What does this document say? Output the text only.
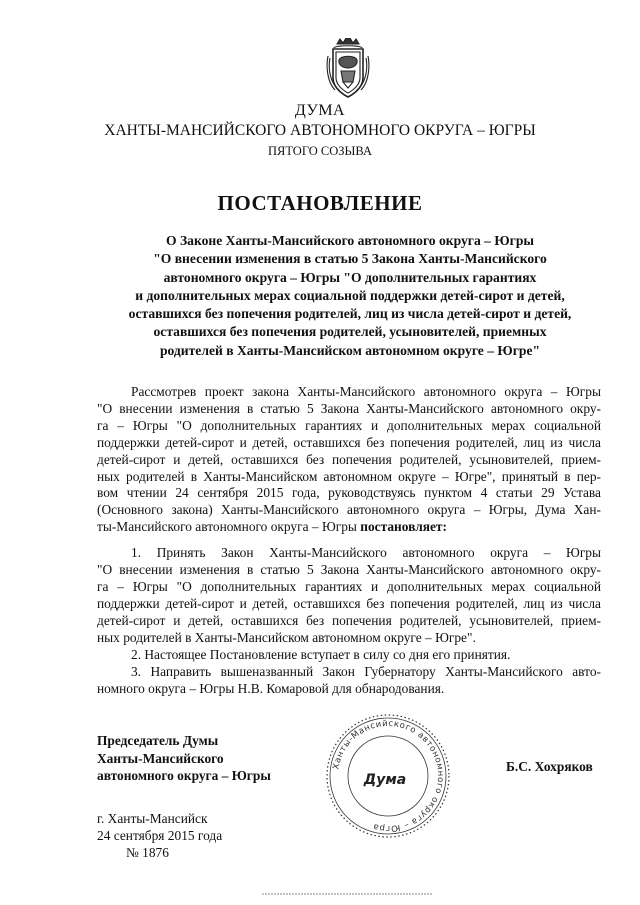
ДУМА
ХАНТЫ-МАНСИЙСКОГО АВТОНОМНОГО ОКРУГА – ЮГРЫ
ПЯТОГО СОЗЫВА
ПОСТАНОВЛЕНИЕ
О Законе Ханты-Мансийского автономного округа – Югры
"О внесении изменения в статью 5 Закона Ханты-Мансийского
автономного округа – Югры "О дополнительных гарантиях
и дополнительных мерах социальной поддержки детей-сирот и детей,
оставшихся без попечения родителей, лиц из числа детей-сирот и детей,
оставшихся без попечения родителей, усыновителей, приемных
родителей в Ханты-Мансийском автономном округе – Югре"
Рассмотрев проект закона Ханты-Мансийского автономного округа – Югры
"О внесении изменения в статью 5 Закона Ханты-Мансийского автономного окру-
га – Югры "О дополнительных гарантиях и дополнительных мерах социальной
поддержки детей-сирот и детей, оставшихся без попечения родителей, лиц из числа
детей-сирот и детей, оставшихся без попечения родителей, усыновителей, прием-
ных родителей в Ханты-Мансийском автономном округе – Югре", принятый в пер-
вом чтении 24 сентября 2015 года, руководствуясь пунктом 4 статьи 29 Устава
(Основного закона) Ханты-Мансийского автономного округа – Югры, Дума Хан-
ты-Мансийского автономного округа – Югры постановляет:
1. Принять Закон Ханты-Мансийского автономного округа – Югры
"О внесении изменения в статью 5 Закона Ханты-Мансийского автономного окру-
га – Югры "О дополнительных гарантиях и дополнительных мерах социальной
поддержки детей-сирот и детей, оставшихся без попечения родителей, лиц из числа
детей-сирот и детей, оставшихся без попечения родителей, усыновителей, прием-
ных родителей в Ханты-Мансийском автономном округе – Югре".
2. Настоящее Постановление вступает в силу со дня его принятия.
3. Направить вышеназванный Закон Губернатору Ханты-Мансийского авто-
номного округа – Югры Н.В. Комаровой для обнародования.
Председатель Думы
Ханты-Мансийского
автономного округа – Югры
Ханты-Мансийского автономного округа – Югра
Дума
Б.С. Хохряков
г. Ханты-Мансийск
24 сентября 2015 года
№ 1876
